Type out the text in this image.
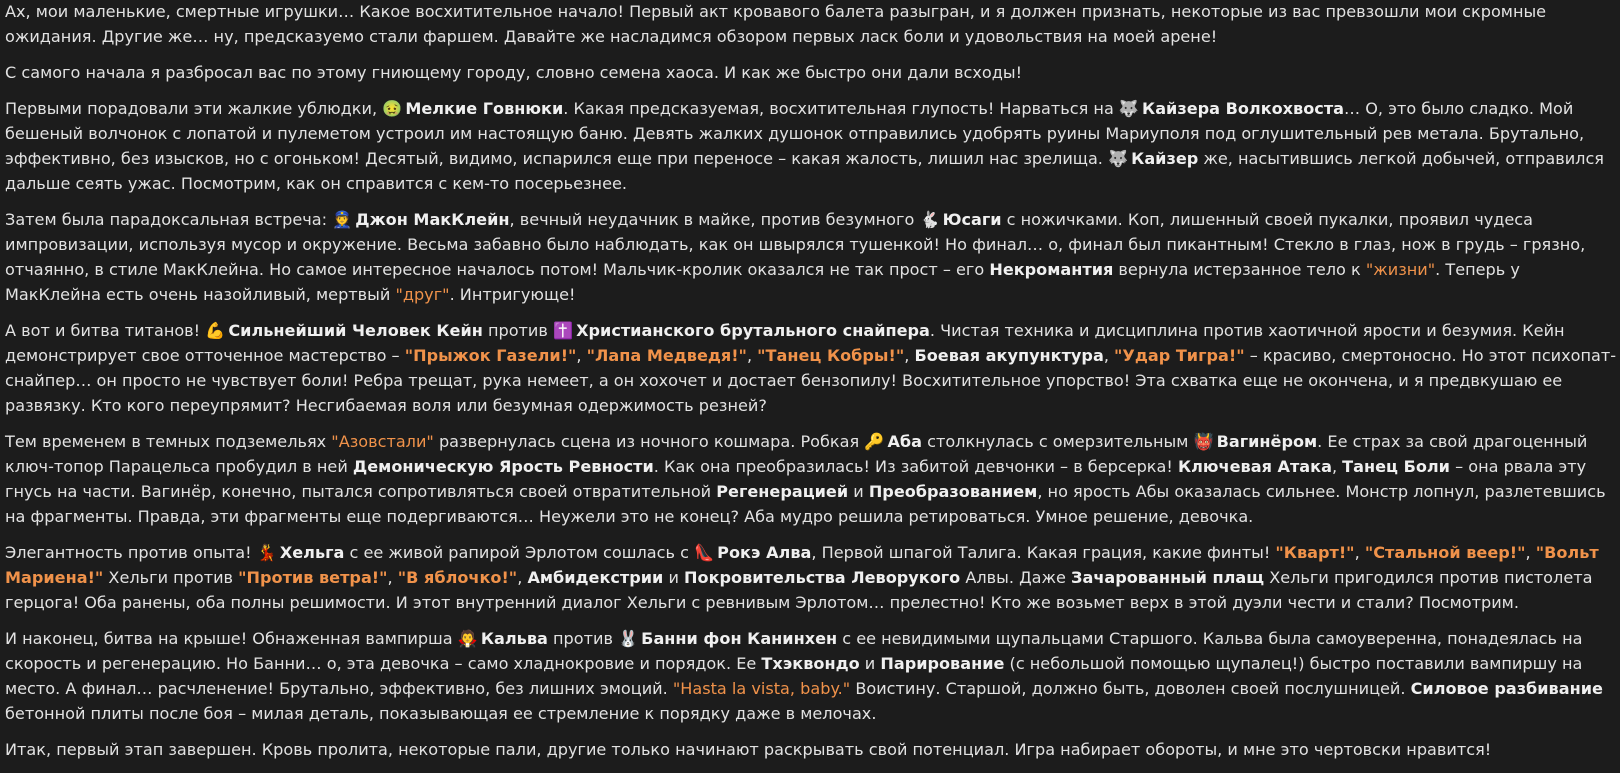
Ах, мои маленькие, смертные игрушки… Какое восхитительное начало! Первый акт кровавого балета разыгран, и я должен признать, некоторые из вас превзошли мои скромные ожидания. Другие же… ну, предсказуемо стали фаршем. Давайте же насладимся обзором первых ласк боли и удовольствия на моей арене!

С самого начала я разбросал вас по этому гниющему городу, словно семена хаоса. И как же быстро они дали всходы!

Первыми порадовали эти жалкие ублюдки, 🤢 Мелкие Говнюки. Какая предсказуемая, восхитительная глупость! Нарваться на 🐺 Кайзера Волкохвоста… О, это было сладко. Мой бешеный волчонок с лопатой и пулеметом устроил им настоящую баню. Девять жалких душонок отправились удобрять руины Мариуполя под оглушительный рев метала. Брутально, эффективно, без изысков, но с огоньком! Десятый, видимо, испарился еще при переносе – какая жалость, лишил нас зрелища. 🐺 Кайзер же, насытившись легкой добычей, отправился дальше сеять ужас. Посмотрим, как он справится с кем-то посерьезнее.

Затем была парадоксальная встреча: 👮 Джон МакКлейн, вечный неудачник в майке, против безумного 🐇 Юсаги с ножичками. Коп, лишенный своей пукалки, проявил чудеса импровизации, используя мусор и окружение. Весьма забавно было наблюдать, как он швырялся тушенкой! Но финал… о, финал был пикантным! Стекло в глаз, нож в грудь – грязно, отчаянно, в стиле МакКлейна. Но самое интересное началось потом! Мальчик-кролик оказался не так прост – его Некромантия вернула истерзанное тело к "жизни". Теперь у МакКлейна есть очень назойливый, мертвый "друг". Интригующе!

А вот и битва титанов! 💪 Сильнейший Человек Кейн против ✝️ Христианского брутального снайпера. Чистая техника и дисциплина против хаотичной ярости и безумия. Кейн демонстрирует свое отточенное мастерство – "Прыжок Газели!", "Лапа Медведя!", "Танец Кобры!", Боевая акупунктура, "Удар Тигра!" – красиво, смертоносно. Но этот психопат-снайпер… он просто не чувствует боли! Ребра трещат, рука немеет, а он хохочет и достает бензопилу! Восхитительное упорство! Эта схватка еще не окончена, и я предвкушаю ее развязку. Кто кого переупрямит? Несгибаемая воля или безумная одержимость резней?

Тем временем в темных подземельях "Азовстали" развернулась сцена из ночного кошмара. Робкая 🔑 Аба столкнулась с омерзительным 👹 Вагинёром. Ее страх за свой драгоценный ключ-топор Парацельса пробудил в ней Демоническую Ярость Ревности. Как она преобразилась! Из забитой девчонки – в берсерка! Ключевая Атака, Танец Боли – она рвала эту гнусь на части. Вагинёр, конечно, пытался сопротивляться своей отвратительной Регенерацией и Преобразованием, но ярость Абы оказалась сильнее. Монстр лопнул, разлетевшись на фрагменты. Правда, эти фрагменты еще подергиваются… Неужели это не конец? Аба мудро решила ретироваться. Умное решение, девочка.

Элегантность против опыта! 💃 Хельга с ее живой рапирой Эрлотом сошлась с 👠 Рокэ Алва, Первой шпагой Талига. Какая грация, какие финты! "Кварт!", "Стальной веер!", "Вольт Мариена!" Хельги против "Против ветра!", "В яблочко!", Амбидекстрии и Покровительства Леворукого Алвы. Даже Зачарованный плащ Хельги пригодился против пистолета герцога! Оба ранены, оба полны решимости. И этот внутренний диалог Хельги с ревнивым Эрлотом… прелестно! Кто же возьмет верх в этой дуэли чести и стали? Посмотрим.

И наконец, битва на крыше! Обнаженная вампирша 🧛 Кальва против 🐰 Банни фон Канинхен с ее невидимыми щупальцами Старшого. Кальва была самоуверенна, понадеялась на скорость и регенерацию. Но Банни… о, эта девочка – само хладнокровие и порядок. Ее Тхэквондо и Парирование (с небольшой помощью щупалец!) быстро поставили вампиршу на место. А финал… расчленение! Брутально, эффективно, без лишних эмоций. "Hasta la vista, baby." Воистину. Старшой, должно быть, доволен своей послушницей. Силовое разбивание бетонной плиты после боя – милая деталь, показывающая ее стремление к порядку даже в мелочах.

Итак, первый этап завершен. Кровь пролита, некоторые пали, другие только начинают раскрывать свой потенциал. Игра набирает обороты, и мне это чертовски нравится!
